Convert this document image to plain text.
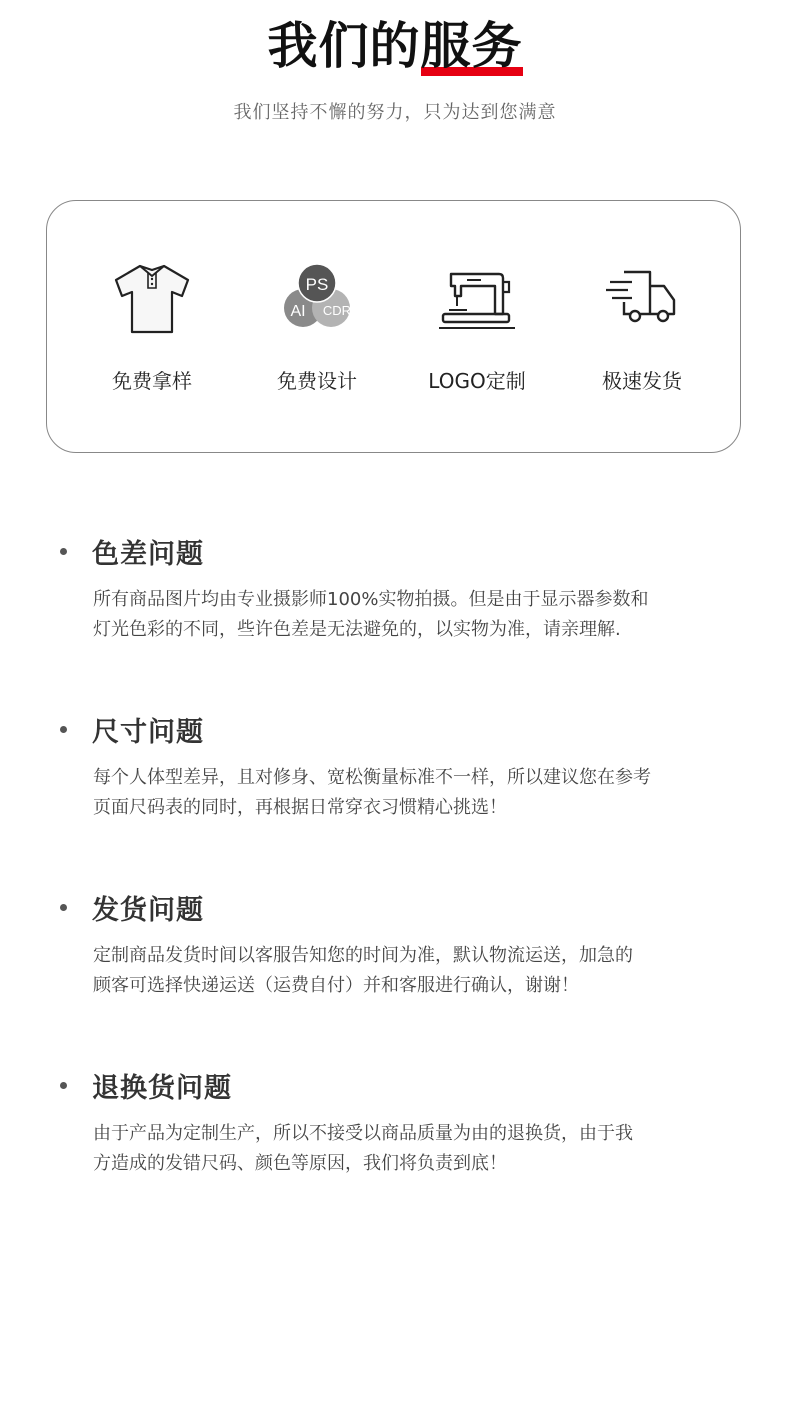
我们的
服务
我们坚持不懈的努力，只为达到您满意
免费拿样
PS
AI CDR
免费设计	LOGO定制	极速发货
色差问题
所有商品图片均由专业摄影师100%实物拍摄。但是由于显示器参数和
灯光色彩的不同，些许色差是无法避免的，以实物为准，请亲理解.
尺寸问题
每个人体型差异，且对修身、宽松衡量标准不一样，所以建议您在参考
页面尺码表的同时，再根据日常穿衣习惯精心挑选！
发货问题
定制商品发货时间以客服告知您的时间为准，默认物流运送，加急的
顾客可选择快递运送（运费自付）并和客服进行确认，谢谢！
退换货问题
由于产品为定制生产，所以不接受以商品质量为由的退换货，由于我
方造成的发错尺码、颜色等原因，我们将负责到底！
